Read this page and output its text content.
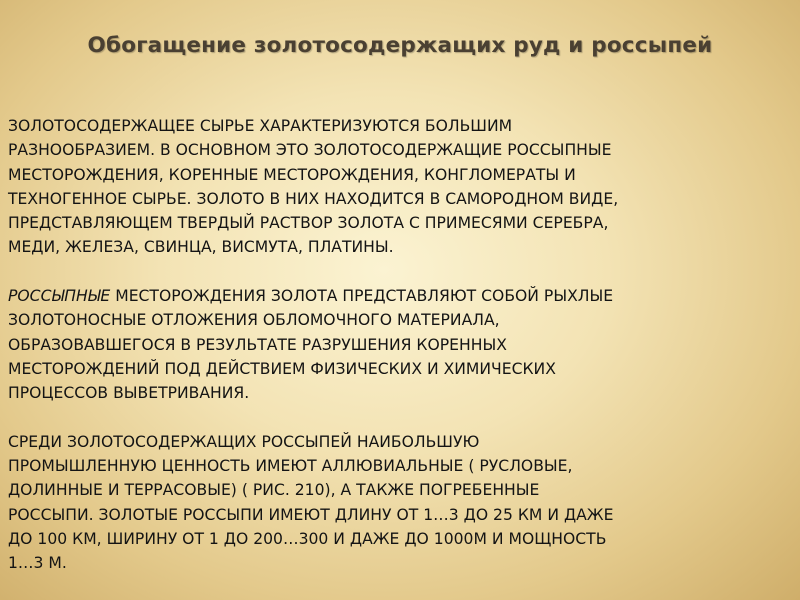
Обогащение золотосодержащих руд и россыпей
ЗОЛОТОСОДЕРЖАЩЕЕ СЫРЬЕ ХАРАКТЕРИЗУЮТСЯ БОЛЬШИМ
РАЗНООБРАЗИЕМ. В ОСНОВНОМ ЭТО ЗОЛОТОСОДЕРЖАЩИЕ РОССЫПНЫЕ
МЕСТОРОЖДЕНИЯ, КОРЕННЫЕ МЕСТОРОЖДЕНИЯ, КОНГЛОМЕРАТЫ И
ТЕХНОГЕННОЕ СЫРЬЕ. ЗОЛОТО В НИХ НАХОДИТСЯ В САМОРОДНОМ ВИДЕ,
ПРЕДСТАВЛЯЮЩЕМ ТВЕРДЫЙ РАСТВОР ЗОЛОТА С ПРИМЕСЯМИ СЕРЕБРА,
МЕДИ, ЖЕЛЕЗА, СВИНЦА, ВИСМУТА, ПЛАТИНЫ.
РОССЫПНЫЕ МЕСТОРОЖДЕНИЯ ЗОЛОТА ПРЕДСТАВЛЯЮТ СОБОЙ РЫХЛЫЕ
ЗОЛОТОНОСНЫЕ ОТЛОЖЕНИЯ ОБЛОМОЧНОГО МАТЕРИАЛА,
ОБРАЗОВАВШЕГОСЯ В РЕЗУЛЬТАТЕ РАЗРУШЕНИЯ КОРЕННЫХ
МЕСТОРОЖДЕНИЙ ПОД ДЕЙСТВИЕМ ФИЗИЧЕСКИХ И ХИМИЧЕСКИХ
ПРОЦЕССОВ ВЫВЕТРИВАНИЯ.
СРЕДИ ЗОЛОТОСОДЕРЖАЩИХ РОССЫПЕЙ НАИБОЛЬШУЮ
ПРОМЫШЛЕННУЮ ЦЕННОСТЬ ИМЕЮТ АЛЛЮВИАЛЬНЫЕ ( РУСЛОВЫЕ,
ДОЛИННЫЕ И ТЕРРАСОВЫЕ) ( РИС. 210), А ТАКЖЕ ПОГРЕБЕННЫЕ
РОССЫПИ. ЗОЛОТЫЕ РОССЫПИ ИМЕЮТ ДЛИНУ ОТ 1…3 ДО 25 КМ И ДАЖЕ
ДО 100 КМ, ШИРИНУ ОТ 1 ДО 200…300 И ДАЖЕ ДО 1000М И МОЩНОСТЬ
1…3 М.
